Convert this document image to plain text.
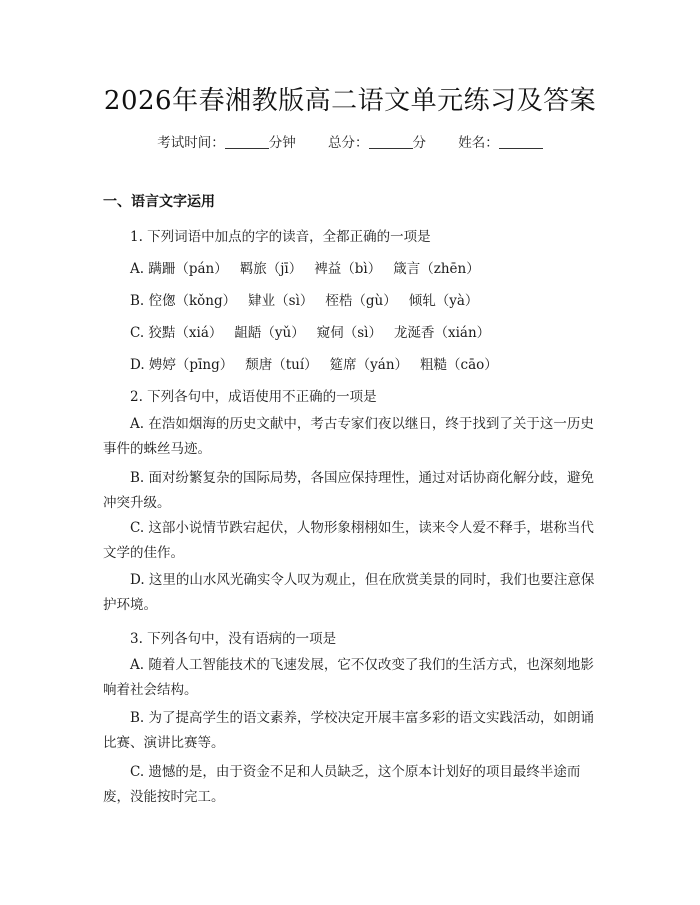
2026年春湘教版高二语文单元练习及答案
考试时间：	分钟 总分：	分 姓名：
一、语言文字运用
1. 下列词语中加点的字的读音，全都正确的一项是
A. 蹒跚（pán） 羁旅（jī） 裨益（bì） 箴言（zhēn）
B. 倥偬（kǒng） 肄业（sì） 桎梏（gù） 倾轧（yà）
C. 狡黠（xiá） 龃龉（yǔ） 窥伺（sì） 龙涎香（xián）
D. 娉婷（pīng） 颓唐（tuí） 筵席（yán） 粗糙（cāo）
2. 下列各句中，成语使用不正确的一项是
A. 在浩如烟海的历史文献中，考古专家们夜以继日，终于找到了关于这一历史事件的蛛丝马迹。
B. 面对纷繁复杂的国际局势，各国应保持理性，通过对话协商化解分歧，避免冲突升级。
C. 这部小说情节跌宕起伏，人物形象栩栩如生，读来令人爱不释手，堪称当代文学的佳作。
D. 这里的山水风光确实令人叹为观止，但在欣赏美景的同时，我们也要注意保护环境。
3. 下列各句中，没有语病的一项是
A. 随着人工智能技术的飞速发展，它不仅改变了我们的生活方式，也深刻地影响着社会结构。
B. 为了提高学生的语文素养，学校决定开展丰富多彩的语文实践活动，如朗诵比赛、演讲比赛等。
C. 遗憾的是，由于资金不足和人员缺乏，这个原本计划好的项目最终半途而废，没能按时完工。
